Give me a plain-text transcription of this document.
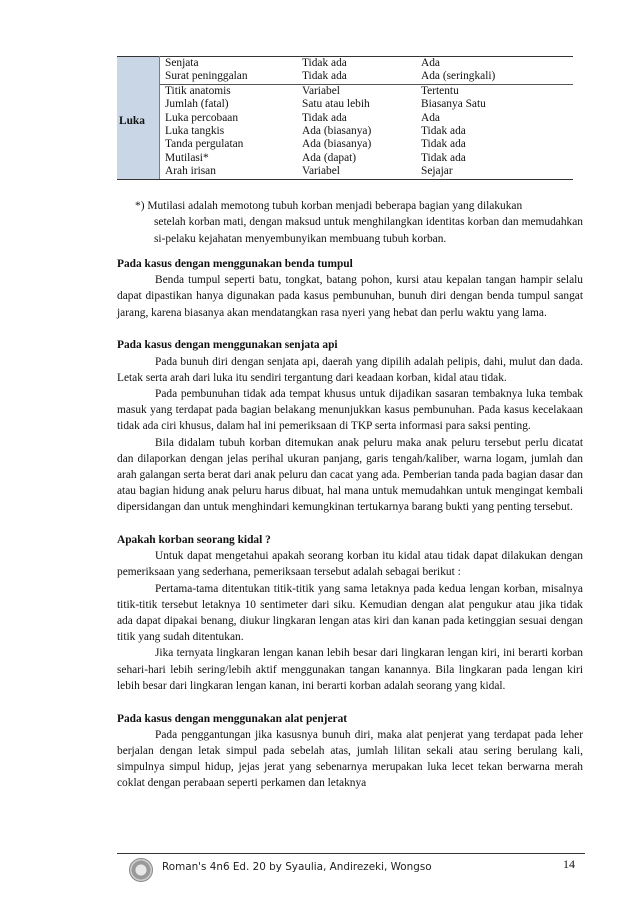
Luka	Senjata	Tidak ada	Ada
	Surat peninggalan	Tidak ada	Ada (seringkali)
	Titik anatomis	Variabel	Tertentu
	Jumlah (fatal)	Satu atau lebih	Biasanya Satu
	Luka percobaan	Tidak ada	Ada
	Luka tangkis	Ada (biasanya)	Tidak ada
	Tanda pergulatan	Ada (biasanya)	Tidak ada
	Mutilasi*	Ada (dapat)	Tidak ada
	Arah irisan	Variabel	Sejajar
*) Mutilasi adalah memotong tubuh korban menjadi beberapa bagian yang dilakukan
setelah korban mati, dengan maksud untuk menghilangkan identitas korban dan memudahkan si-pelaku kejahatan menyembunyikan membuang tubuh korban.
Pada kasus dengan menggunakan benda tumpul

Benda tumpul seperti batu, tongkat, batang pohon, kursi atau kepalan tangan hampir selalu dapat dipastikan hanya digunakan pada kasus pembunuhan, bunuh diri dengan benda tumpul sangat jarang, karena biasanya akan mendatangkan rasa nyeri yang hebat dan perlu waktu yang lama.

Pada kasus dengan menggunakan senjata api

Pada bunuh diri dengan senjata api, daerah yang dipilih adalah pelipis, dahi, mulut dan dada. Letak serta arah dari luka itu sendiri tergantung dari keadaan korban, kidal atau tidak.

Pada pembunuhan tidak ada tempat khusus untuk dijadikan sasaran tembaknya luka tembak masuk yang terdapat pada bagian belakang menunjukkan kasus pembunuhan. Pada kasus kecelakaan tidak ada ciri khusus, dalam hal ini pemeriksaan di TKP serta informasi para saksi penting.

Bila didalam tubuh korban ditemukan anak peluru maka anak peluru tersebut perlu dicatat dan dilaporkan dengan jelas perihal ukuran panjang, garis tengah/kaliber, warna logam, jumlah dan arah galangan serta berat dari anak peluru dan cacat yang ada. Pemberian tanda pada bagian dasar dan atau bagian hidung anak peluru harus dibuat, hal mana untuk memudahkan untuk mengingat kembali dipersidangan dan untuk menghindari kemungkinan tertukarnya barang bukti yang penting tersebut.

Apakah korban seorang kidal ?

Untuk dapat mengetahui apakah seorang korban itu kidal atau tidak dapat dilakukan dengan pemeriksaan yang sederhana, pemeriksaan tersebut adalah sebagai berikut :

Pertama-tama ditentukan titik-titik yang sama letaknya pada kedua lengan korban, misalnya titik-titik tersebut letaknya 10 sentimeter dari siku. Kemudian dengan alat pengukur atau jika tidak ada dapat dipakai benang, diukur lingkaran lengan atas kiri dan kanan pada ketinggian sesuai dengan titik yang sudah ditentukan.

Jika ternyata lingkaran lengan kanan lebih besar dari lingkaran lengan kiri, ini berarti korban sehari-hari lebih sering/lebih aktif menggunakan tangan kanannya. Bila lingkaran pada lengan kiri lebih besar dari lingkaran lengan kanan, ini berarti korban adalah seorang yang kidal.

Pada kasus dengan menggunakan alat penjerat

Pada penggantungan jika kasusnya bunuh diri, maka alat penjerat yang terdapat pada leher berjalan dengan letak simpul pada sebelah atas, jumlah lilitan sekali atau sering berulang kali, simpulnya simpul hidup, jejas jerat yang sebenarnya merupakan luka lecet tekan berwarna merah coklat dengan perabaan seperti perkamen dan letaknya

Roman's 4n6 Ed. 20 by Syaulia, Andirezeki, Wongso	14
